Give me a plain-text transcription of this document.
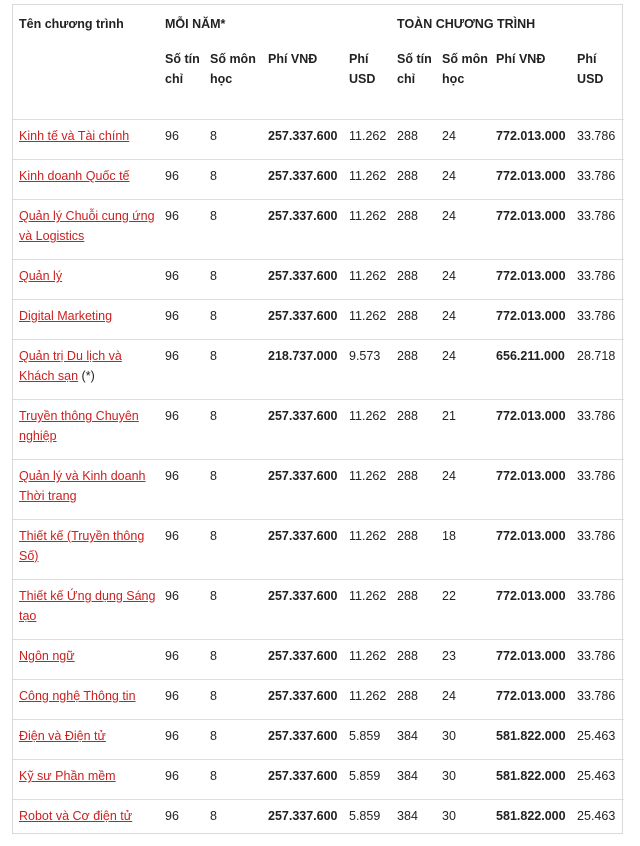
Tên chương trình	MỖI NĂM*				TOÀN CHƯƠNG TRÌNH			
	Số tín chỉ	Số môn học	Phí VNĐ	Phí USD	Số tín chỉ	Số môn học	Phí VNĐ	Phí USD
Kinh tế và Tài chính	96	8	257.337.600	11.262	288	24	772.013.000	33.786
Kinh doanh Quốc tế	96	8	257.337.600	11.262	288	24	772.013.000	33.786
Quản lý Chuỗi cung ứng và Logistics	96	8	257.337.600	11.262	288	24	772.013.000	33.786
Quản lý	96	8	257.337.600	11.262	288	24	772.013.000	33.786
Digital Marketing	96	8	257.337.600	11.262	288	24	772.013.000	33.786
Quản trị Du lịch và Khách sạn (*)	96	8	218.737.000	9.573	288	24	656.211.000	28.718
Truyền thông Chuyên nghiệp	96	8	257.337.600	11.262	288	21	772.013.000	33.786
Quản lý và Kinh doanh Thời trang	96	8	257.337.600	11.262	288	24	772.013.000	33.786
Thiết kế (Truyền thông Số)	96	8	257.337.600	11.262	288	18	772.013.000	33.786
Thiết kế Ứng dụng Sáng tạo	96	8	257.337.600	11.262	288	22	772.013.000	33.786
Ngôn ngữ	96	8	257.337.600	11.262	288	23	772.013.000	33.786
Công nghệ Thông tin	96	8	257.337.600	11.262	288	24	772.013.000	33.786
Điện và Điện tử	96	8	257.337.600	5.859	384	30	581.822.000	25.463
Kỹ sư Phần mềm	96	8	257.337.600	5.859	384	30	581.822.000	25.463
Robot và Cơ điện tử	96	8	257.337.600	5.859	384	30	581.822.000	25.463
